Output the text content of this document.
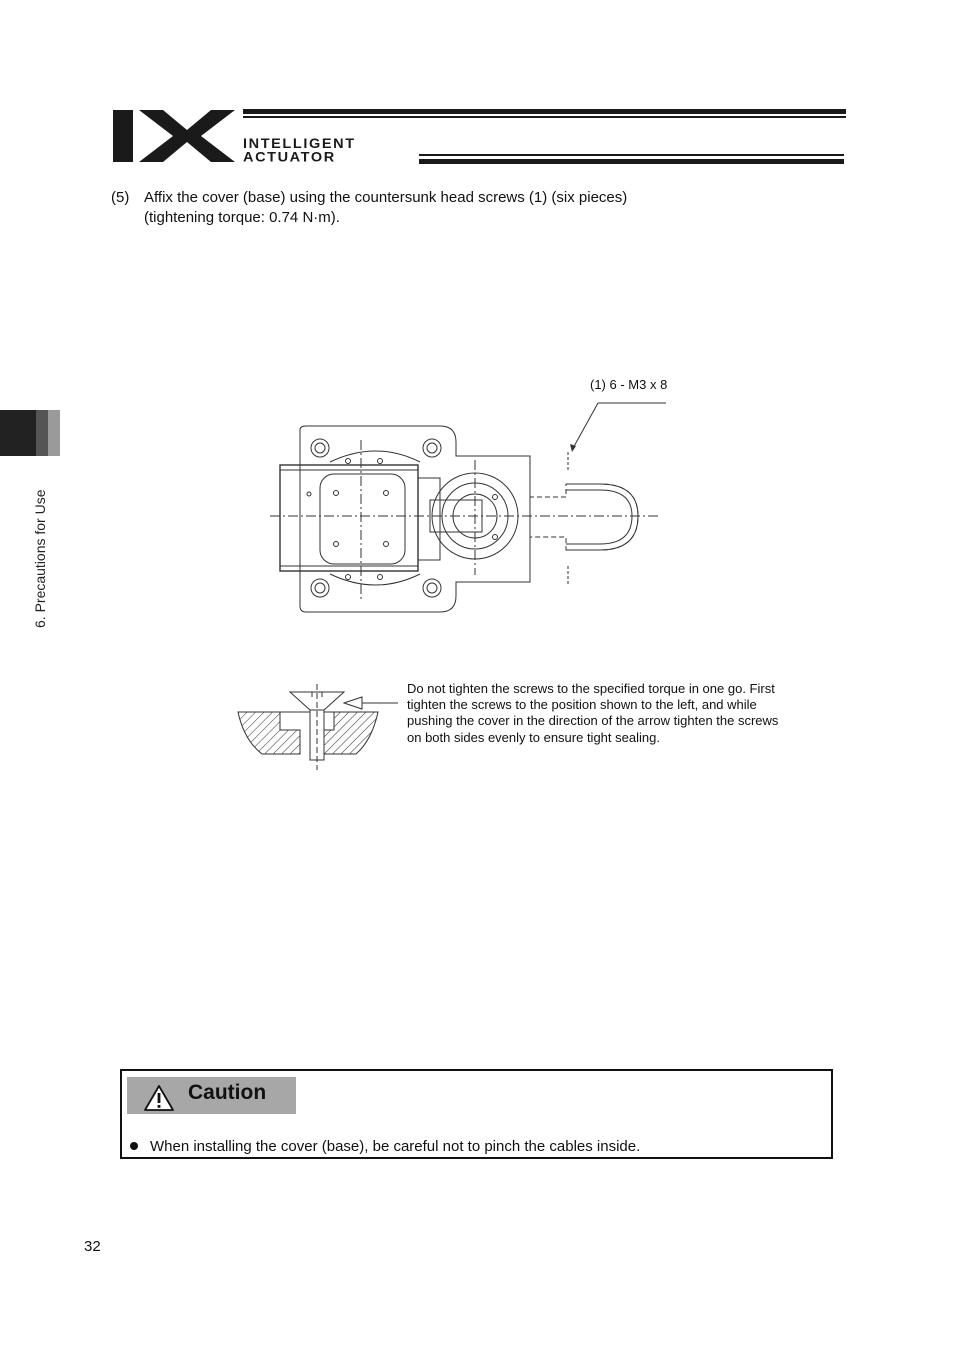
INTELLIGENT
ACTUATOR
6. Precautions for Use
(5) Affix the cover (base) using the countersunk head screws (1) (six pieces)
(tightening torque: 0.74 N·m).
(1) 6 - M3 x 8

Do not tighten the screws to the specified torque in one go. First

tighten the screws to the position shown to the left, and while

pushing the cover in the direction of the arrow tighten the screws

on both sides evenly to ensure tight sealing.

Caution
When installing the cover (base), be careful not to pinch the cables inside.
32
